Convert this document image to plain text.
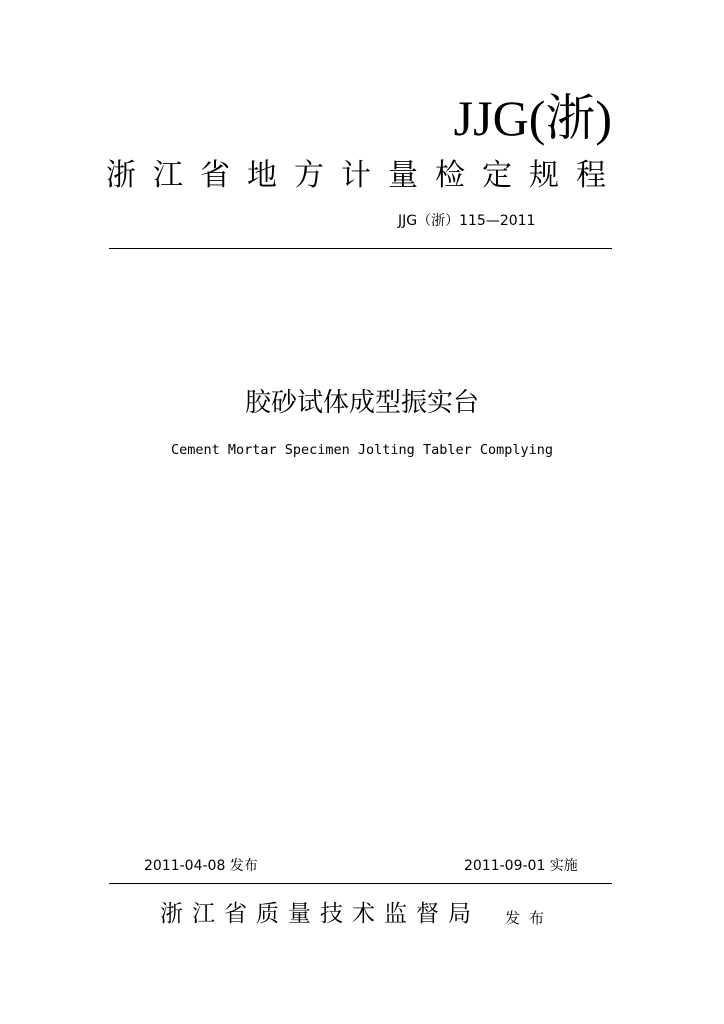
JJG(浙)
浙江省地方计量检定规程
JJG（浙）115—2011
胶砂试体成型振实台
Cement Mortar Specimen Jolting Tabler Complying
2011-04-08 发布	2011-09-01 实施
浙江省质量技术监督局 发布
